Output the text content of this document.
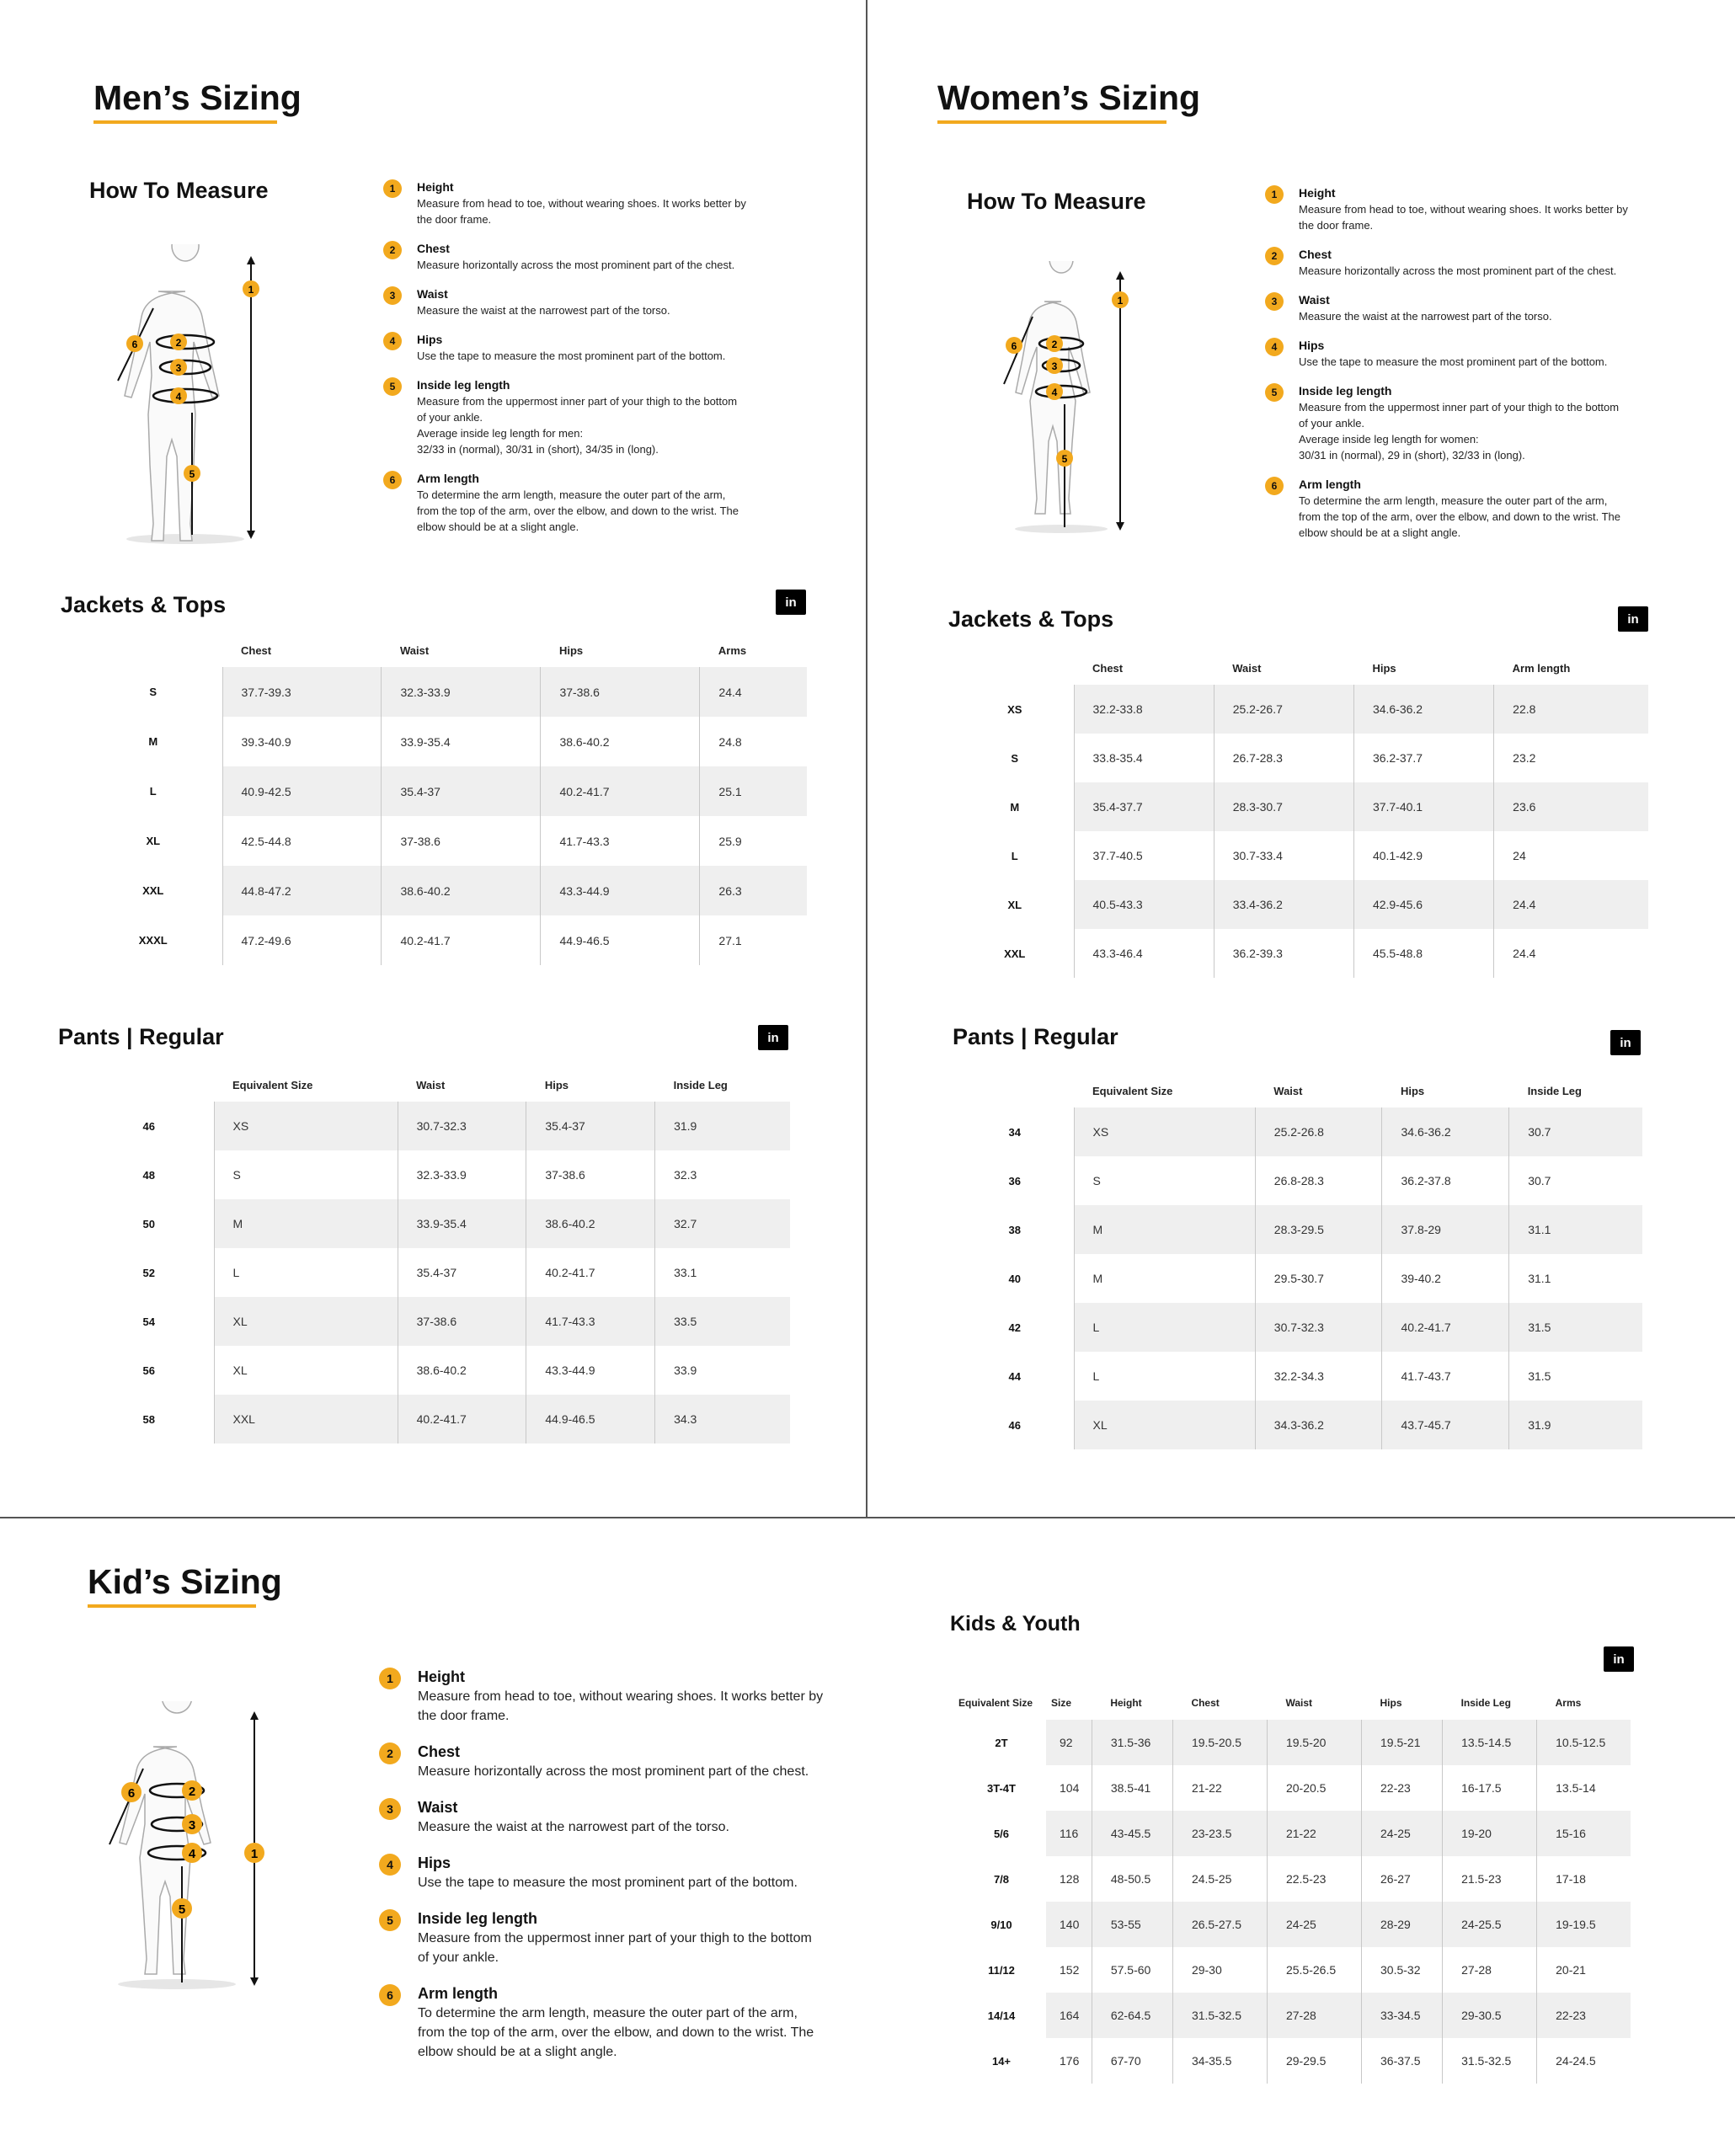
Men’s Sizing
How To Measure
1
2
3
4
5
6
1	Height
Measure from head to toe, without wearing shoes. It works better by
the door frame.
2	Chest
Measure horizontally across the most prominent part of the chest.
3	Waist
Measure the waist at the narrowest part of the torso.
4	Hips
Use the tape to measure the most prominent part of the bottom.
5	Inside leg length
Measure from the uppermost inner part of your thigh to the bottom
of your ankle.
Average inside leg length for men:
32/33 in (normal), 30/31 in (short), 34/35 in (long).
6	Arm length
To determine the arm length, measure the outer part of the arm,
from the top of the arm, over the elbow, and down to the wrist. The
elbow should be at a slight angle.
Jackets & Tops	in
	Chest	Waist	Hips	Arms
S	37.7-39.3	32.3-33.9	37-38.6	24.4
M	39.3-40.9	33.9-35.4	38.6-40.2	24.8
L	40.9-42.5	35.4-37	40.2-41.7	25.1
XL	42.5-44.8	37-38.6	41.7-43.3	25.9
XXL	44.8-47.2	38.6-40.2	43.3-44.9	26.3
XXXL	47.2-49.6	40.2-41.7	44.9-46.5	27.1
Pants | Regular	in
	Equivalent Size	Waist	Hips	Inside Leg
46	XS	30.7-32.3	35.4-37	31.9
48	S	32.3-33.9	37-38.6	32.3
50	M	33.9-35.4	38.6-40.2	32.7
52	L	35.4-37	40.2-41.7	33.1
54	XL	37-38.6	41.7-43.3	33.5
56	XL	38.6-40.2	43.3-44.9	33.9
58	XXL	40.2-41.7	44.9-46.5	34.3
Women’s Sizing
How To Measure
1
2
3
4
5
6
1	Height
Measure from head to toe, without wearing shoes. It works better by
the door frame.
2	Chest
Measure horizontally across the most prominent part of the chest.
3	Waist
Measure the waist at the narrowest part of the torso.
4	Hips
Use the tape to measure the most prominent part of the bottom.
5	Inside leg length
Measure from the uppermost inner part of your thigh to the bottom
of your ankle.
Average inside leg length for women:
30/31 in (normal), 29 in (short), 32/33 in (long).
6	Arm length
To determine the arm length, measure the outer part of the arm,
from the top of the arm, over the elbow, and down to the wrist. The
elbow should be at a slight angle.
Jackets & Tops	in
	Chest	Waist	Hips	Arm length
XS	32.2-33.8	25.2-26.7	34.6-36.2	22.8
S	33.8-35.4	26.7-28.3	36.2-37.7	23.2
M	35.4-37.7	28.3-30.7	37.7-40.1	23.6
L	37.7-40.5	30.7-33.4	40.1-42.9	24
XL	40.5-43.3	33.4-36.2	42.9-45.6	24.4
XXL	43.3-46.4	36.2-39.3	45.5-48.8	24.4
Pants | Regular	in
	Equivalent Size	Waist	Hips	Inside Leg
34	XS	25.2-26.8	34.6-36.2	30.7
36	S	26.8-28.3	36.2-37.8	30.7
38	M	28.3-29.5	37.8-29	31.1
40	M	29.5-30.7	39-40.2	31.1
42	L	30.7-32.3	40.2-41.7	31.5
44	L	32.2-34.3	41.7-43.7	31.5
46	XL	34.3-36.2	43.7-45.7	31.9
Kid’s Sizing
1
2
3
4
5
6
1	Height
Measure from head to toe, without wearing shoes. It works better by
the door frame.
2	Chest
Measure horizontally across the most prominent part of the chest.
3	Waist
Measure the waist at the narrowest part of the torso.
4	Hips
Use the tape to measure the most prominent part of the bottom.
5	Inside leg length
Measure from the uppermost inner part of your thigh to the bottom
of your ankle.
6	Arm length
To determine the arm length, measure the outer part of the arm,
from the top of the arm, over the elbow, and down to the wrist. The
elbow should be at a slight angle.
Kids & Youth
in
Equivalent Size	Size	Height	Chest	Waist	Hips	Inside Leg	Arms
2T	92	31.5-36	19.5-20.5	19.5-20	19.5-21	13.5-14.5	10.5-12.5
3T-4T	104	38.5-41	21-22	20-20.5	22-23	16-17.5	13.5-14
5/6	116	43-45.5	23-23.5	21-22	24-25	19-20	15-16
7/8	128	48-50.5	24.5-25	22.5-23	26-27	21.5-23	17-18
9/10	140	53-55	26.5-27.5	24-25	28-29	24-25.5	19-19.5
11/12	152	57.5-60	29-30	25.5-26.5	30.5-32	27-28	20-21
14/14	164	62-64.5	31.5-32.5	27-28	33-34.5	29-30.5	22-23
14+	176	67-70	34-35.5	29-29.5	36-37.5	31.5-32.5	24-24.5
